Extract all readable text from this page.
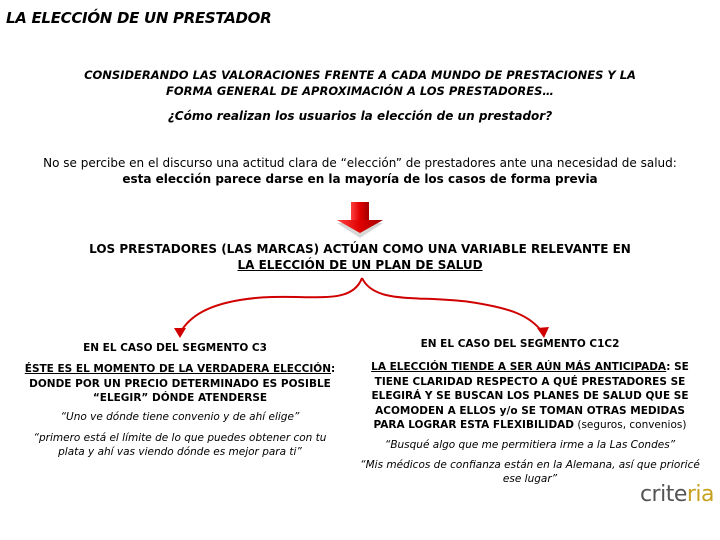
LA ELECCIÓN DE UN PRESTADOR
CONSIDERANDO LAS VALORACIONES FRENTE A CADA MUNDO DE PRESTACIONES Y LA FORMA GENERAL DE APROXIMACIÓN A LOS PRESTADORES…
¿Cómo realizan los usuarios la elección de un prestador?
No se percibe en el discurso una actitud clara de “elección” de prestadores ante una necesidad de salud: esta elección parece darse en la mayoría de los casos de forma previa
LOS PRESTADORES (LAS MARCAS) ACTÚAN COMO UNA VARIABLE RELEVANTE EN
LA ELECCIÓN DE UN PLAN DE SALUD
EN EL CASO DEL SEGMENTO C3	EN EL CASO DEL SEGMENTO C1C2
ÉSTE ES EL MOMENTO DE LA VERDADERA ELECCIÓN: DONDE POR UN PRECIO DETERMINADO ES POSIBLE “ELEGIR” DÓNDE ATENDERSE
“Uno ve dónde tiene convenio y de ahí elige”
“primero está el límite de lo que puedes obtener con tu plata y ahí vas viendo dónde es mejor para ti”
LA ELECCIÓN TIENDE A SER AÚN MÁS ANTICIPADA: SE TIENE CLARIDAD RESPECTO A QUÉ PRESTADORES SE ELEGIRÁ Y SE BUSCAN LOS PLANES DE SALUD QUE SE ACOMODEN A ELLOS y/o SE TOMAN OTRAS MEDIDAS PARA LOGRAR ESTA FLEXIBILIDAD (seguros, convenios)
“Busqué algo que me permitiera irme a la Las Condes”
“Mis médicos de confianza están en la Alemana, así que prioricé ese lugar”
criteria
